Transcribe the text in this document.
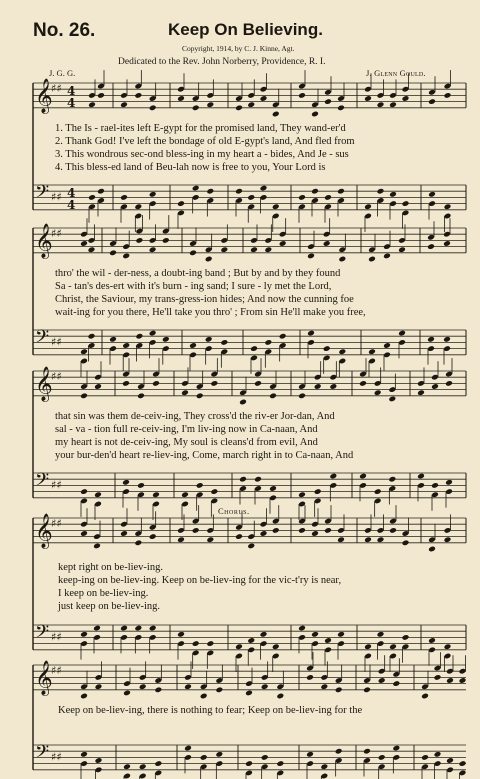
No. 26.	Keep On Believing.
Copyright, 1914, by C. J. Kinne, Agt.
Dedicated to the Rev. John Norberry, Providence, R. I.
J. G. G.	J. Glenn Gould.
Chorus.
1. The Is - rael-ites left E-gypt for the promised land, They wand-er'd
2. Thank God! I've left the bondage of old E-gypt's land, And fled from
3. This wondrous sec-ond bless-ing in my heart a - bides, And Je - sus
4. This bless-ed land of Beu-lah now is free to you, Your Lord is
thro' the wil - der-ness, a doubt-ing band ; But by and by they found
Sa - tan's des-ert with it's burn - ing sand; I sure - ly met the Lord,
Christ, the Saviour, my trans-gress-ion hides; And now the cunning foe
wait-ing for you there, He'll take you thro' ; From sin He'll make you free,
that sin was them de-ceiv-ing, They cross'd the riv-er Jor-dan, And
sal - va - tion full re-ceiv-ing, I'm liv-ing now in Ca-naan, And
my heart is not de-ceiv-ing, My soul is cleans'd from evil, And
your bur-den'd heart re-liev-ing, Come, march right in to Ca-naan, And
kept right on be-liev-ing.
keep-ing on be-liev-ing. Keep on be-liev-ing for the vic-t'ry is near,
I keep on be-liev-ing.
just keep on be-liev-ing.
Keep on be-liev-ing, there is nothing to fear; Keep on be-liev-ing for the
𝄞
♯♯ 4
4
𝄢 ♯♯ 4
4
𝄞
♯♯
𝄢 ♯♯
𝄞
♯♯
𝄢 ♯♯
𝄞
♯♯
𝄢 ♯♯
𝄞
♯♯
𝄢 ♯♯
